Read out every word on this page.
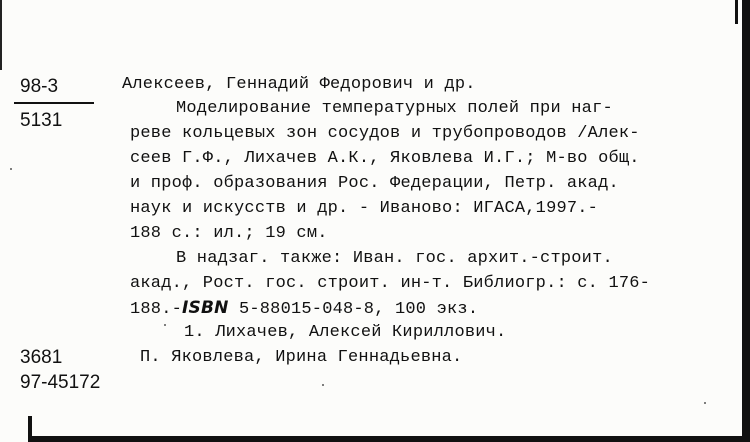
98-3
5131
Алексеев, Геннадий Федорович и др.
Моделирование температурных полей при наг-
реве кольцевых зон сосудов и трубопроводов /Алек-
сеев Г.Ф., Лихачев А.К., Яковлева И.Г.; М-во общ.
и проф. образования Рос. Федерации, Петр. акад.
наук и искусств и др. - Иваново: ИГАСА,1997.-
188 с.: ил.; 19 см.
В надзаг. также: Иван. гос. архит.-строит.
акад., Рост. гос. строит. ин-т. Библиогр.: с. 176-
188.-ISBN 5-88015-048-8, 100 экз.
1. Лихачев, Алексей Кириллович.
3681	П. Яковлева, Ирина Геннадьевна.
97-45172
